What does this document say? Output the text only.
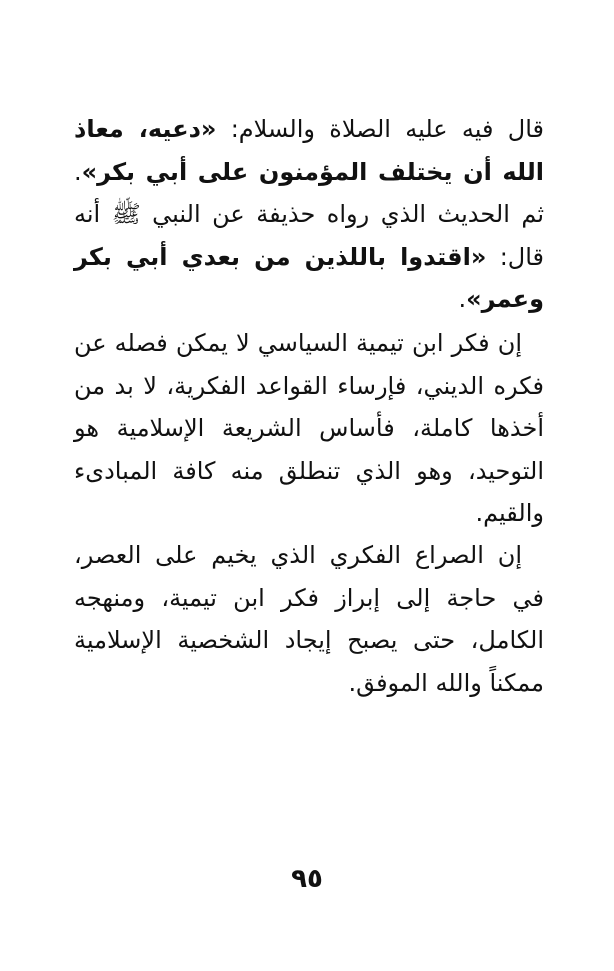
قال فيه عليه الصلاة والسلام: «دعيه، معاذ الله أن يختلف المؤمنون على أبي بكر». ثم الحديث الذي رواه حذيفة عن النبي ﷺ أنه قال: «اقتدوا باللذين من بعدي أبي بكر وعمر».

إن فكر ابن تيمية السياسي لا يمكن فصله عن فكره الديني، فإرساء القواعد الفكرية، لا بد من أخذها كاملة، فأساس الشريعة الإسلامية هو التوحيد، وهو الذي تنطلق منه كافة المبادىء والقيم.

إن الصراع الفكري الذي يخيم على العصر، في حاجة إلى إبراز فكر ابن تيمية، ومنهجه الكامل، حتى يصبح إيجاد الشخصية الإسلامية ممكناً والله الموفق.

٩٥
